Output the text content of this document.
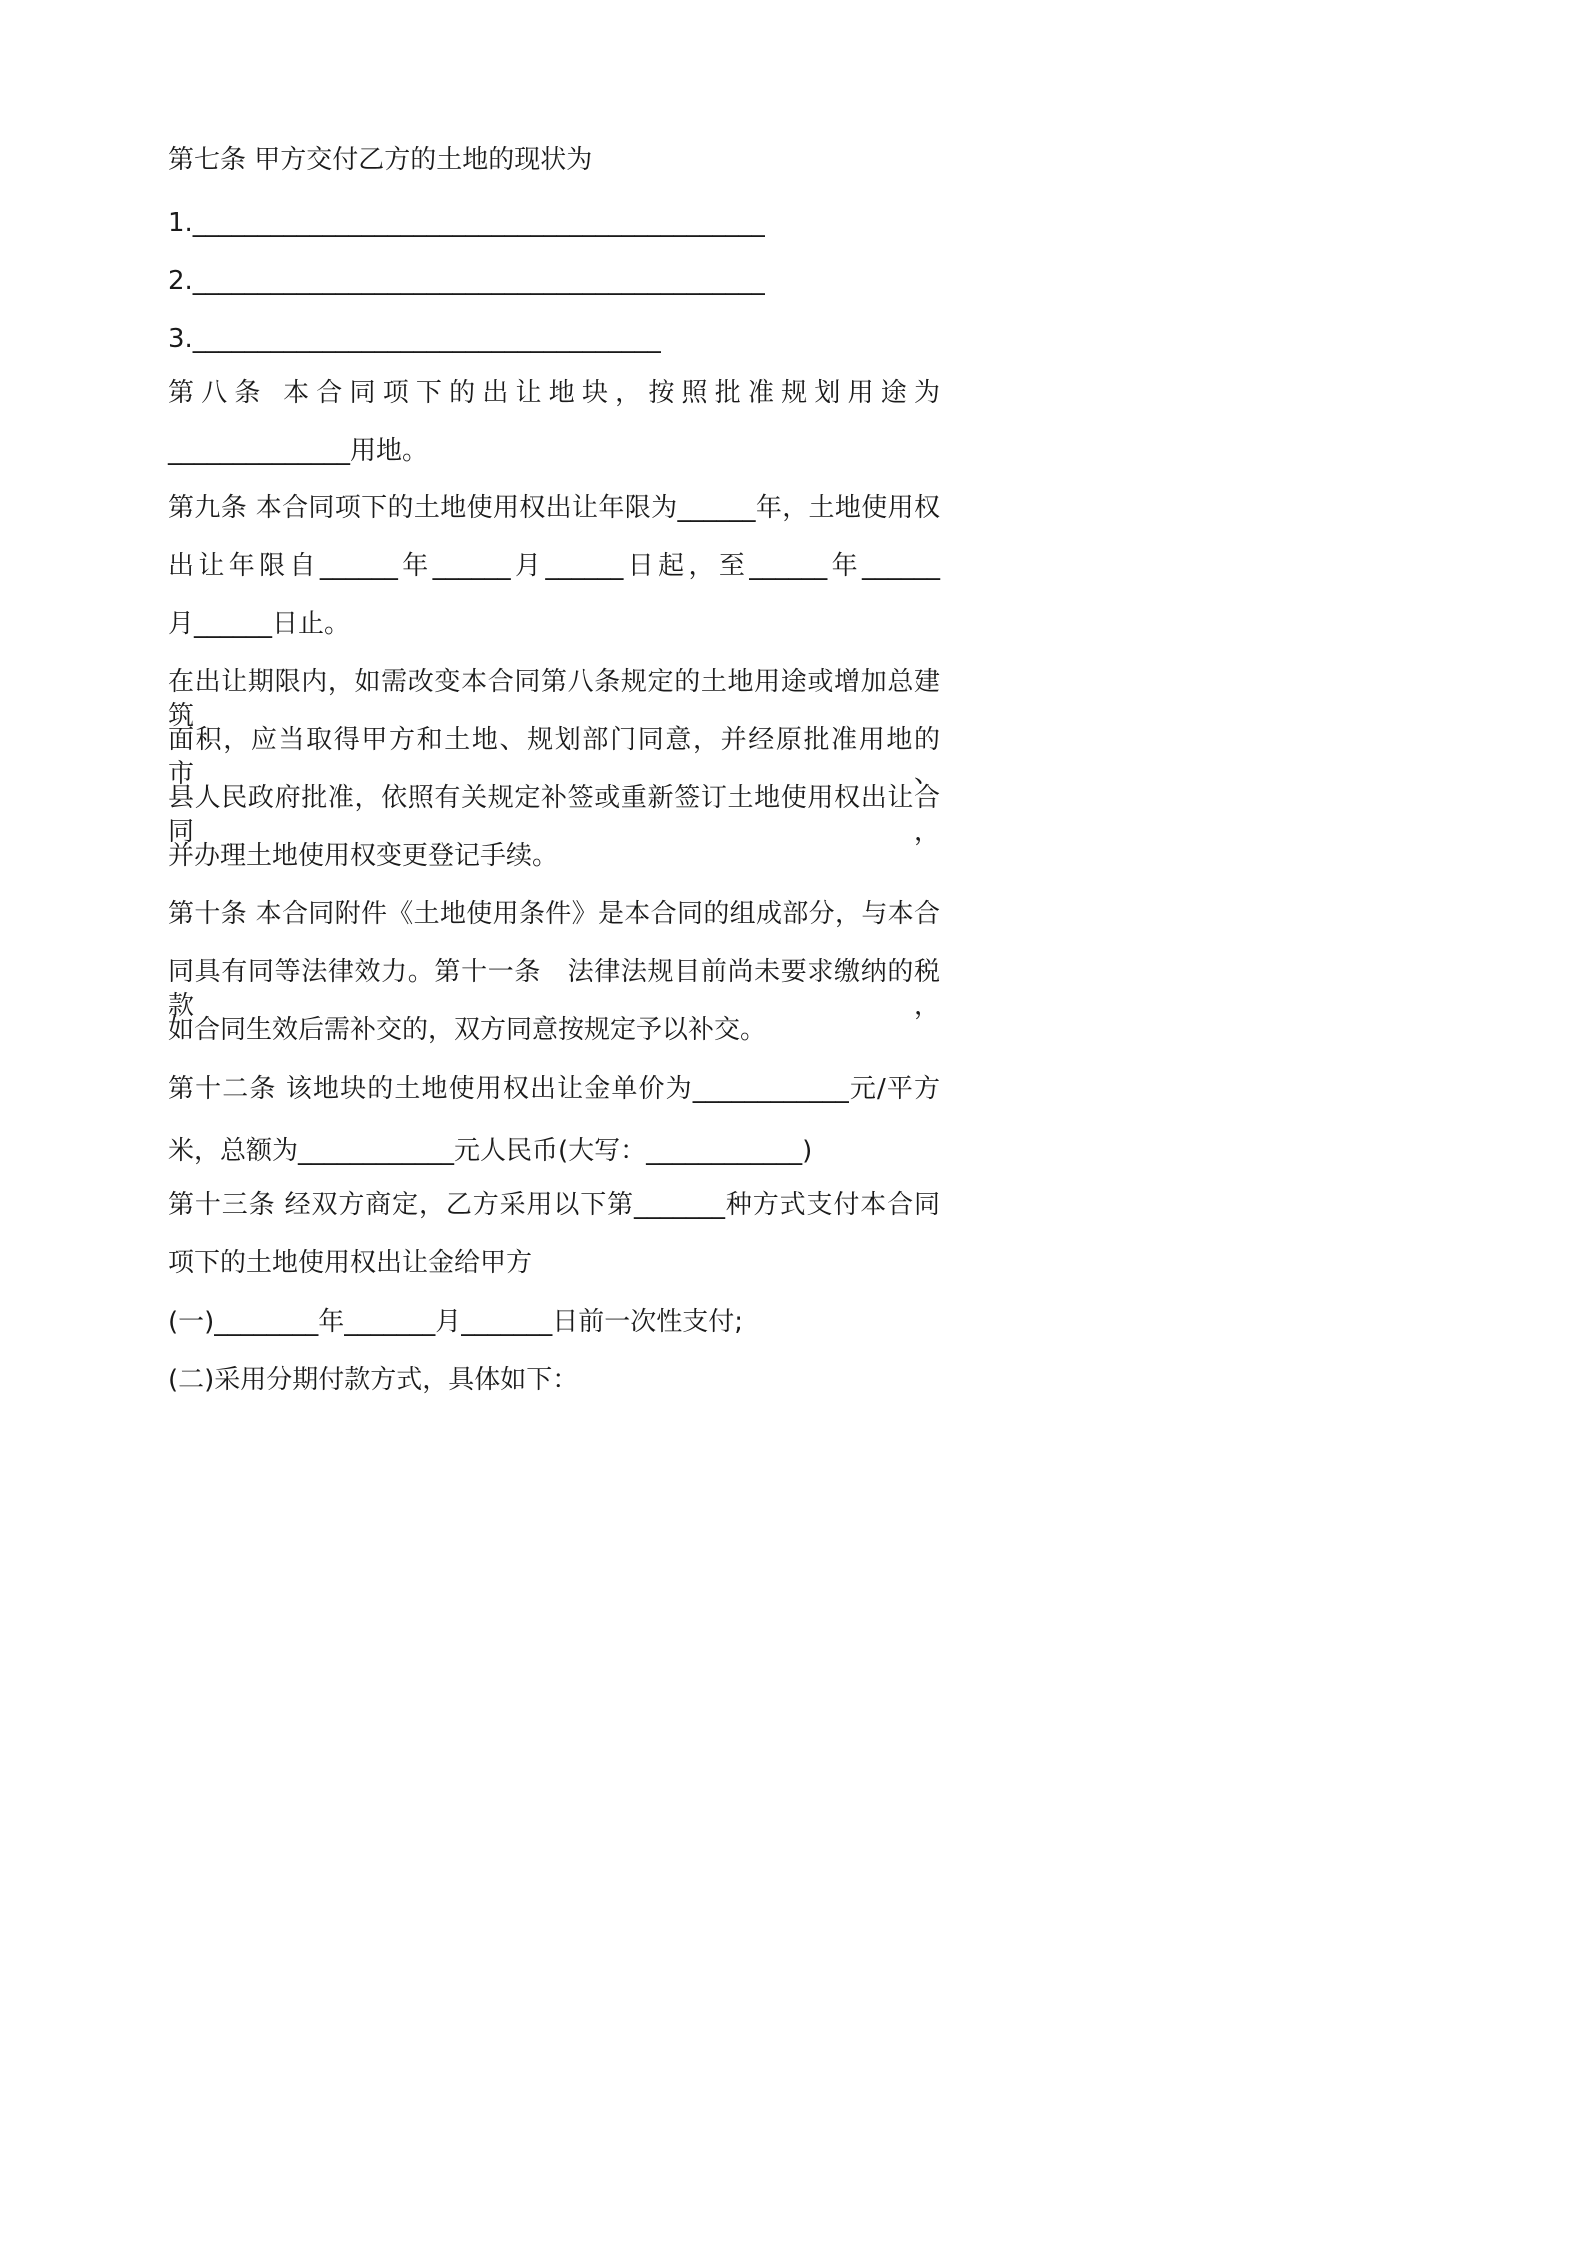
第七条 甲方交付乙方的土地的现状为

1.____________________________________________

2.____________________________________________

3.____________________________________

第八条 本合同项下的出让地块，按照批准规划用途为

______________用地。

第九条 本合同项下的土地使用权出让年限为______年，土地使用权

出让年限自______年______月______日起，至______年______

月______日止。

在出让期限内，如需改变本合同第八条规定的土地用途或增加总建筑

面积，应当取得甲方和土地、规划部门同意，并经原批准用地的市、

县人民政府批准，依照有关规定补签或重新签订土地使用权出让合同，

并办理土地使用权变更登记手续。

第十条 本合同附件《土地使用条件》是本合同的组成部分，与本合

同具有同等法律效力。第十一条　法律法规目前尚未要求缴纳的税款，

如合同生效后需补交的，双方同意按规定予以补交。

第十二条 该地块的土地使用权出让金单价为____________元/平方

米，总额为____________元人民币(大写：____________)

第十三条 经双方商定，乙方采用以下第_______种方式支付本合同

项下的土地使用权出让金给甲方

(一)________年_______月_______日前一次性支付;

(二)采用分期付款方式，具体如下：
